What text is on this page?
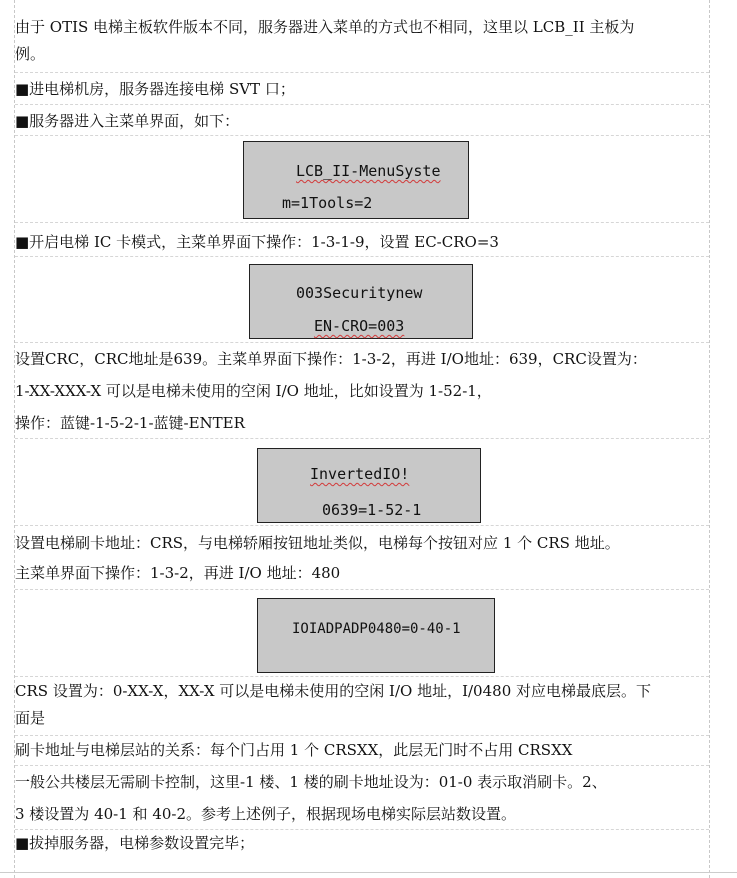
由于 OTIS 电梯主板软件版本不同，服务器进入菜单的方式也不相同，这里以 LCB_II 主板为
例。
■进电梯机房，服务器连接电梯 SVT 口；
■服务器进入主菜单界面，如下：
LCB_II-MenuSyste
m=1Tools=2
■开启电梯 IC 卡模式，主菜单界面下操作：1-3-1-9，设置 EC-CRO=3
003Securitynew
EN-CRO=003
设置CRC，CRC地址是639。主菜单界面下操作：1-3-2，再进 I/O地址：639，CRC设置为：
1-XX-XXX-X 可以是电梯未使用的空闲 I/O 地址，比如设置为 1-52-1，
操作：蓝键-1-5-2-1-蓝键-ENTER
InvertedIO!
0639=1-52-1
设置电梯刷卡地址：CRS，与电梯轿厢按钮地址类似，电梯每个按钮对应 1 个 CRS 地址。
主菜单界面下操作：1-3-2，再进 I/O 地址：480
IOIADPADP0480=0-40-1
CRS 设置为：0-XX-X，XX-X 可以是电梯未使用的空闲 I/O 地址，I/0480 对应电梯最底层。下
面是
刷卡地址与电梯层站的关系：每个门占用 1 个 CRSXX，此层无门时不占用 CRSXX
一般公共楼层无需刷卡控制，这里-1 楼、1 楼的刷卡地址设为：01-0 表示取消刷卡。2、
3 楼设置为 40-1 和 40-2。参考上述例子，根据现场电梯实际层站数设置。
■拔掉服务器，电梯参数设置完毕；
